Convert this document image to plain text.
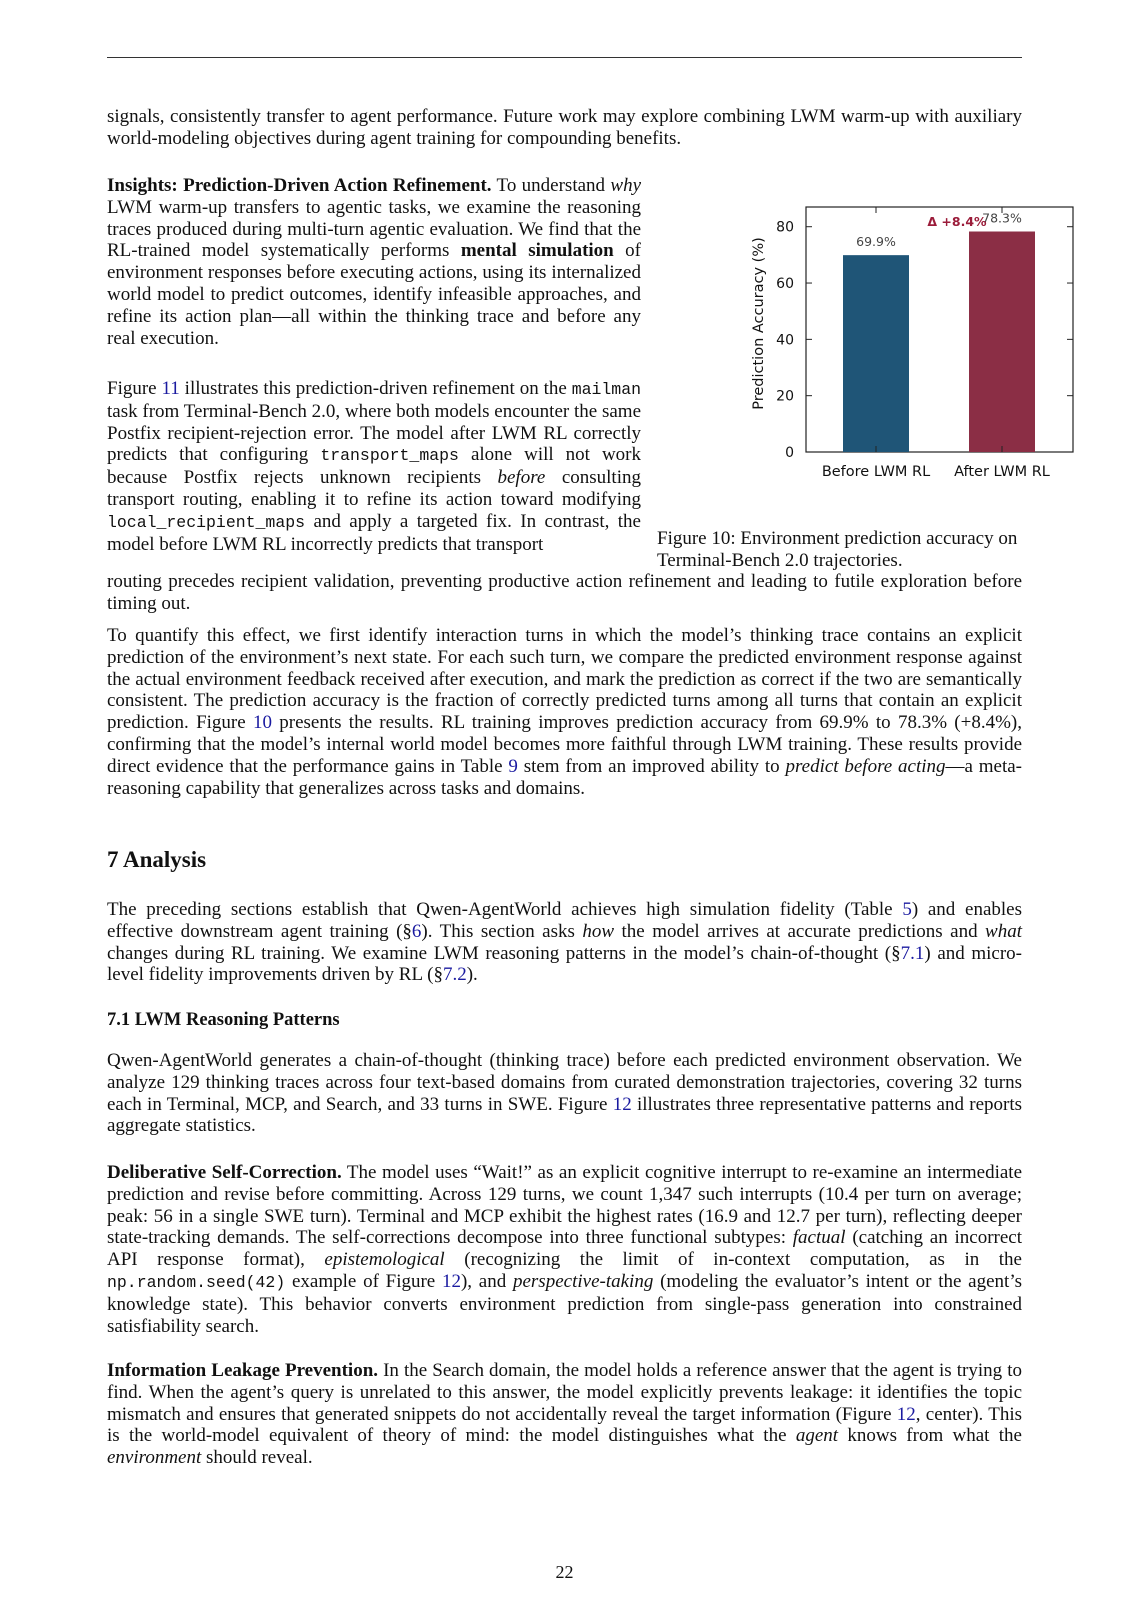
signals, consistently transfer to agent performance. Future work may explore combining LWM warm-up with auxiliary world-modeling objectives during agent training for compounding benefits.

Insights: Prediction-Driven Action Refinement. To understand why LWM warm-up transfers to agentic tasks, we examine the reasoning traces produced during multi-turn agentic evaluation. We find that the RL-trained model systematically performs mental simulation of environment responses before executing actions, using its internalized world model to predict outcomes, identify infeasible approaches, and refine its action plan—all within the thinking trace and before any real execution.

Figure 11 illustrates this prediction-driven refinement on the mailman task from Terminal-Bench 2.0, where both models encounter the same Postfix recipient-rejection error. The model after LWM RL correctly predicts that configuring transport_maps alone will not work because Postfix rejects unknown recipients before consulting transport routing, enabling it to refine its action toward modifying local_recipient_maps and apply a targeted fix. In contrast, the model before LWM RL incorrectly predicts that transport

routing precedes recipient validation, preventing productive action refinement and leading to futile exploration before timing out.

To quantify this effect, we first identify interaction turns in which the model’s thinking trace contains an explicit prediction of the environment’s next state. For each such turn, we compare the predicted environment response against the actual environment feedback received after execution, and mark the prediction as correct if the two are semantically consistent. The prediction accuracy is the fraction of correctly predicted turns among all turns that contain an explicit prediction. Figure 10 presents the results. RL training improves prediction accuracy from 69.9% to 78.3% (+8.4%), confirming that the model’s internal world model becomes more faithful through LWM training. These results provide direct evidence that the performance gains in Table 9 stem from an improved ability to predict before acting—a meta-reasoning capability that generalizes across tasks and domains.

7 Analysis

The preceding sections establish that Qwen-AgentWorld achieves high simulation fidelity (Table 5) and enables effective downstream agent training (§6). This section asks how the model arrives at accurate predictions and what changes during RL training. We examine LWM reasoning patterns in the model’s chain-of-thought (§7.1) and micro-level fidelity improvements driven by RL (§7.2).

7.1 LWM Reasoning Patterns

Qwen-AgentWorld generates a chain-of-thought (thinking trace) before each predicted environment observation. We analyze 129 thinking traces across four text-based domains from curated demonstration trajectories, covering 32 turns each in Terminal, MCP, and Search, and 33 turns in SWE. Figure 12 illustrates three representative patterns and reports aggregate statistics.

Deliberative Self-Correction. The model uses “Wait!” as an explicit cognitive interrupt to re-examine an intermediate prediction and revise before committing. Across 129 turns, we count 1,347 such interrupts (10.4 per turn on average; peak: 56 in a single SWE turn). Terminal and MCP exhibit the highest rates (16.9 and 12.7 per turn), reflecting deeper state-tracking demands. The self-corrections decompose into three functional subtypes: factual (catching an incorrect API response format), epistemological (recognizing the limit of in-context computation, as in the np.random.seed(42) example of Figure 12), and perspective-taking (modeling the evaluator’s intent or the agent’s knowledge state). This behavior converts environment prediction from single-pass generation into constrained satisfiability search.

Information Leakage Prevention. In the Search domain, the model holds a reference answer that the agent is trying to find. When the agent’s query is unrelated to this answer, the model explicitly prevents leakage: it identifies the topic mismatch and ensures that generated snippets do not accidentally reveal the target information (Figure 12, center). This is the world-model equivalent of theory of mind: the model distinguishes what the agent knows from what the environment should reveal.

0
20
40
60
80
Prediction Accuracy (%)	69.9%
Before LWM RL
78.3%
After LWM RL
Δ +8.4%
Figure 10: Environment prediction accuracy on Terminal-Bench 2.0 trajectories.
22
